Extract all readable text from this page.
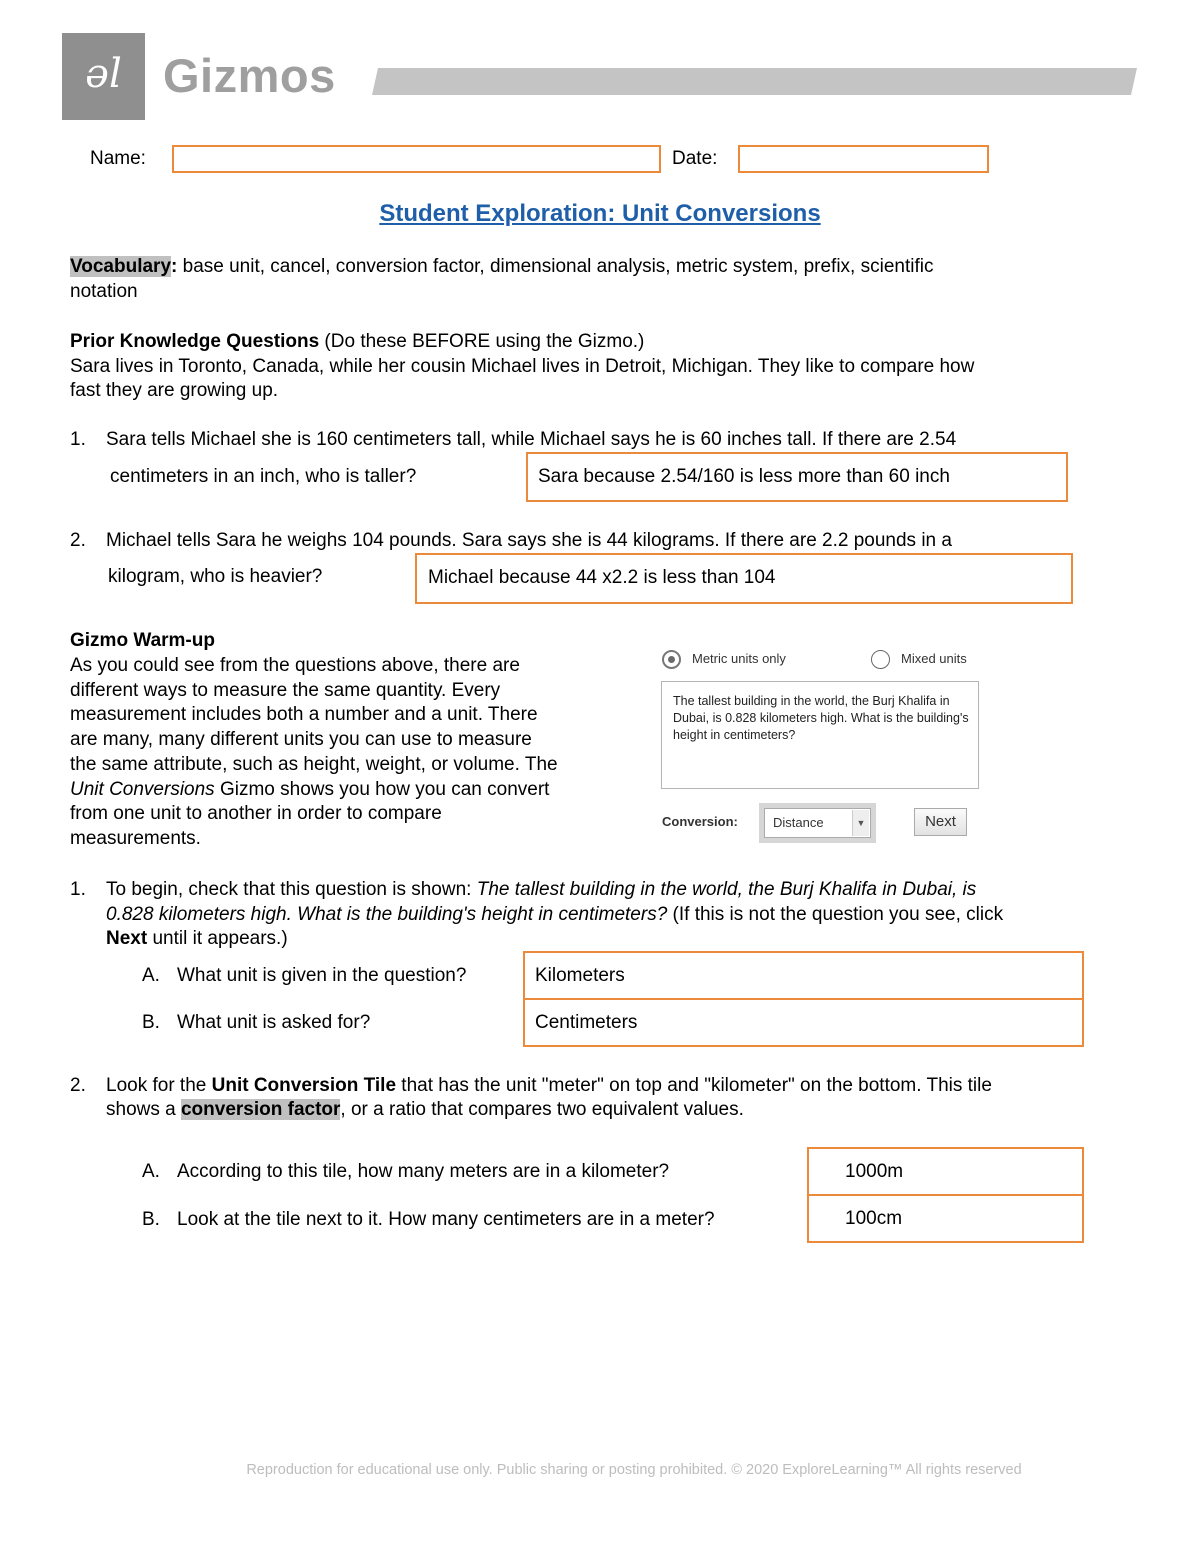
ǝl Gizmos
Name:	Date:
Student Exploration: Unit Conversions
Vocabulary: base unit, cancel, conversion factor, dimensional analysis, metric system, prefix, scientific
notation
Prior Knowledge Questions (Do these BEFORE using the Gizmo.)
Sara lives in Toronto, Canada, while her cousin Michael lives in Detroit, Michigan. They like to compare how
fast they are growing up.
1. Sara tells Michael she is 160 centimeters tall, while Michael says he is 60 inches tall. If there are 2.54
centimeters in an inch, who is taller?	Sara because 2.54/160 is less more than 60 inch
2. Michael tells Sara he weighs 104 pounds. Sara says she is 44 kilograms. If there are 2.2 pounds in a
kilogram, who is heavier?	Michael because 44 x2.2 is less than 104
Gizmo Warm-up
As you could see from the questions above, there are
different ways to measure the same quantity. Every
measurement includes both a number and a unit. There
are many, many different units you can use to measure
the same attribute, such as height, weight, or volume. The
Unit Conversions Gizmo shows you how you can convert
from one unit to another in order to compare
measurements.
Metric units only	Mixed units
The tallest building in the world, the Burj Khalifa in Dubai, is 0.828 kilometers high. What is the building's height in centimeters?
Conversion:	Distance	▼	Next
1. To begin, check that this question is shown: The tallest building in the world, the Burj Khalifa in Dubai, is
0.828 kilometers high. What is the building's height in centimeters? (If this is not the question you see, click
Next until it appears.)
A. What unit is given in the question?	Kilometers
B. What unit is asked for?	Centimeters
2. Look for the Unit Conversion Tile that has the unit "meter" on top and "kilometer" on the bottom. This tile
shows a conversion factor, or a ratio that compares two equivalent values.
A. According to this tile, how many meters are in a kilometer?	1000m
B. Look at the tile next to it. How many centimeters are in a meter?	100cm
Reproduction for educational use only. Public sharing or posting prohibited. © 2020 ExploreLearning™ All rights reserved
